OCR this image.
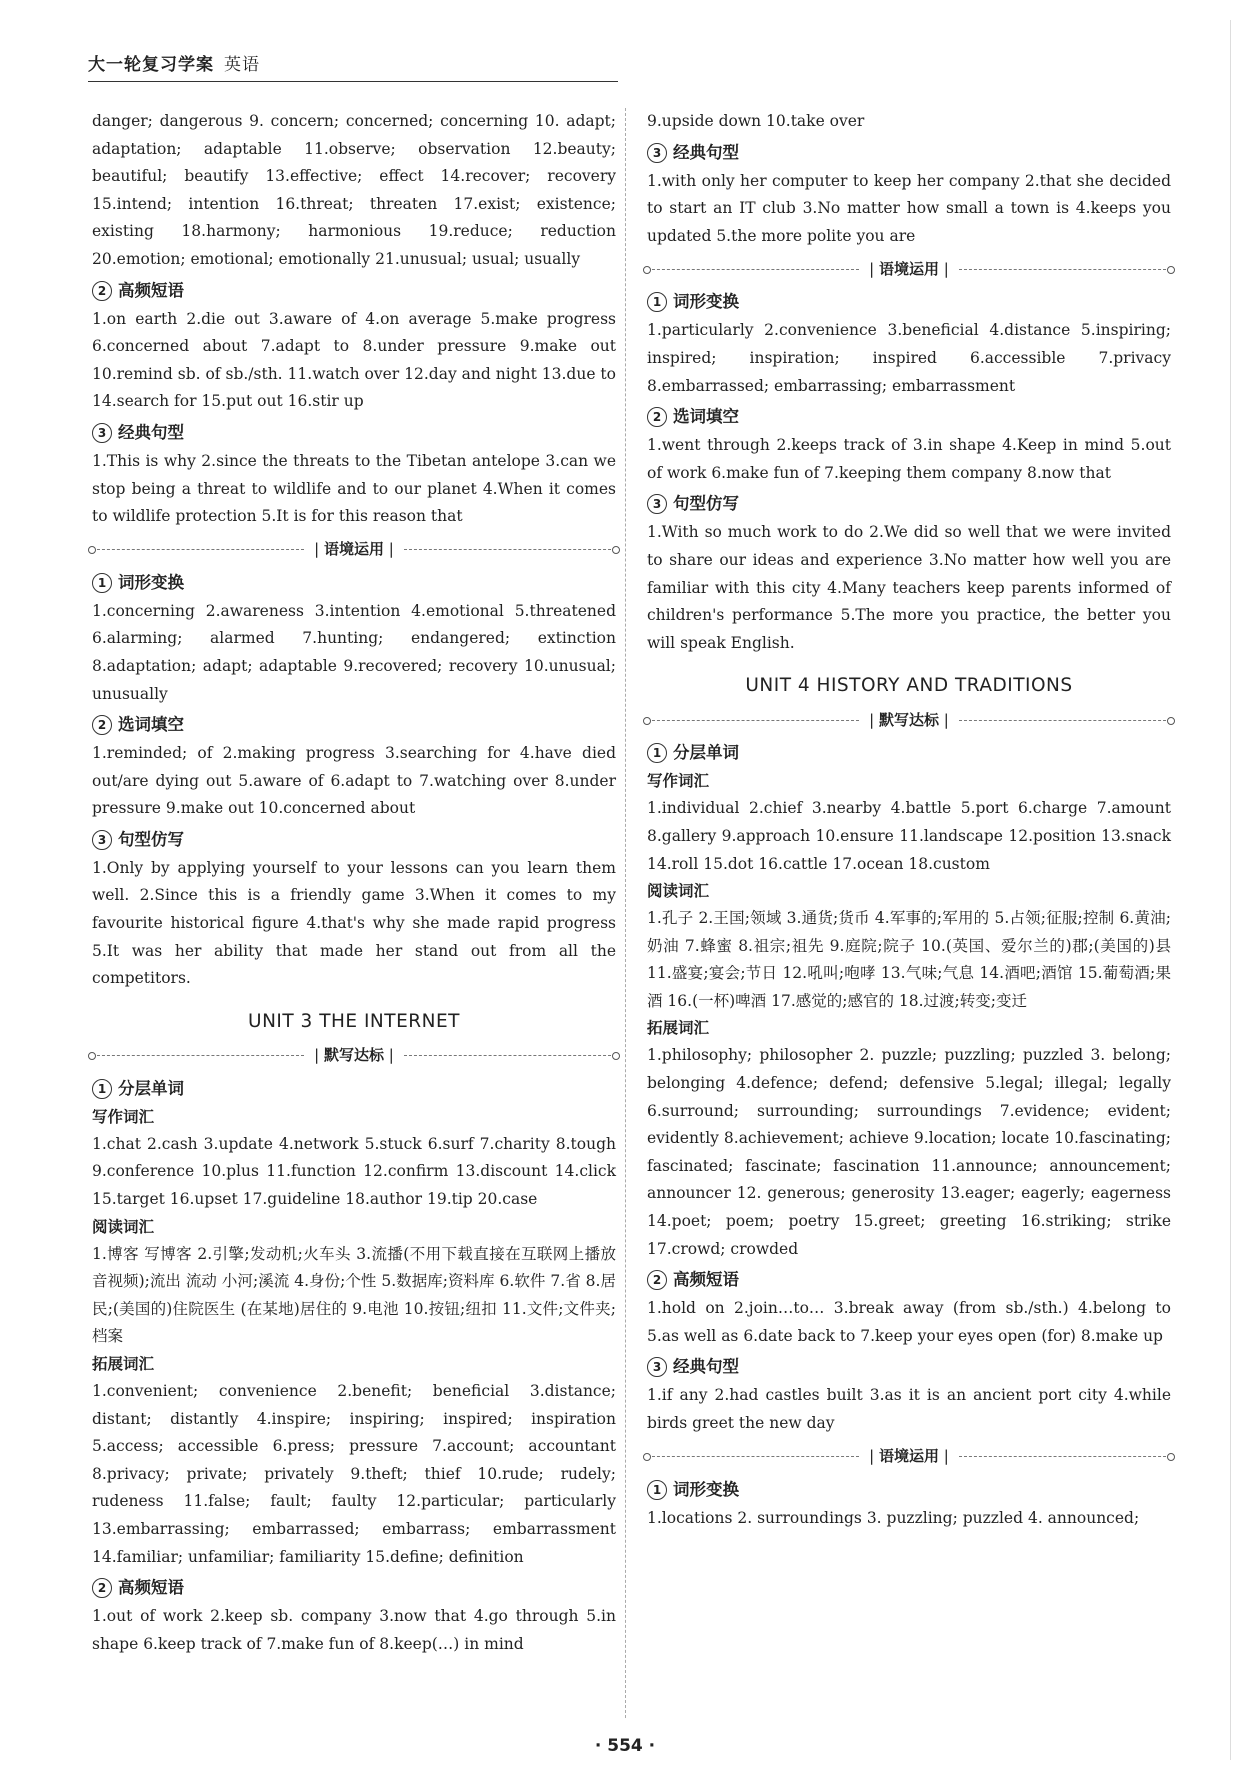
大一轮复习学案 英语

danger; dangerous 9. concern; concerned; concerning 10. adapt; adaptation; adaptable 11.observe; observation 12.beauty; beautiful; beautify 13.effective; effect 14.recover; recovery 15.intend; intention 16.threat; threaten 17.exist; existence; existing 18.harmony; harmonious 19.reduce; reduction 20.emotion; emotional; emotionally 21.unusual; usual; usually

2 高频短语

1.on earth 2.die out 3.aware of 4.on average 5.make progress 6.concerned about 7.adapt to 8.under pressure 9.make out 10.remind sb. of sb./sth. 11.watch over 12.day and night 13.due to 14.search for 15.put out 16.stir up

3 经典句型

1.This is why 2.since the threats to the Tibetan antelope 3.can we stop being a threat to wildlife and to our planet 4.When it comes to wildlife protection 5.It is for this reason that

| 语境运用 |
1 词形变换

1.concerning 2.awareness 3.intention 4.emotional 5.threatened 6.alarming; alarmed 7.hunting; endangered; extinction 8.adaptation; adapt; adaptable 9.recovered; recovery 10.unusual; unusually

2 选词填空

1.reminded; of 2.making progress 3.searching for 4.have died out/are dying out 5.aware of 6.adapt to 7.watching over 8.under pressure 9.make out 10.concerned about

3 句型仿写

1.Only by applying yourself to your lessons can you learn them well. 2.Since this is a friendly game 3.When it comes to my favourite historical figure 4.that's why she made rapid progress 5.It was her ability that made her stand out from all the competitors.

UNIT 3 THE INTERNET
| 默写达标 |
1 分层单词
写作词汇

1.chat 2.cash 3.update 4.network 5.stuck 6.surf 7.charity 8.tough 9.conference 10.plus 11.function 12.confirm 13.discount 14.click 15.target 16.upset 17.guideline 18.author 19.tip 20.case

阅读词汇

1.博客 写博客 2.引擎;发动机;火车头 3.流播(不用下载直接在互联网上播放音视频);流出 流动 小河;溪流 4.身份;个性 5.数据库;资料库 6.软件 7.省 8.居民;(美国的)住院医生 (在某地)居住的 9.电池 10.按钮;纽扣 11.文件;文件夹;档案

拓展词汇

1.convenient; convenience 2.benefit; beneficial 3.distance; distant; distantly 4.inspire; inspiring; inspired; inspiration 5.access; accessible 6.press; pressure 7.account; accountant 8.privacy; private; privately 9.theft; thief 10.rude; rudely; rudeness 11.false; fault; faulty 12.particular; particularly 13.embarrassing; embarrassed; embarrass; embarrassment 14.familiar; unfamiliar; familiarity 15.define; definition

2 高频短语

1.out of work 2.keep sb. company 3.now that 4.go through 5.in shape 6.keep track of 7.make fun of 8.keep(…) in mind

9.upside down 10.take over

3 经典句型

1.with only her computer to keep her company 2.that she decided to start an IT club 3.No matter how small a town is 4.keeps you updated 5.the more polite you are

| 语境运用 |
1 词形变换

1.particularly 2.convenience 3.beneficial 4.distance 5.inspiring; inspired; inspiration; inspired 6.accessible 7.privacy 8.embarrassed; embarrassing; embarrassment

2 选词填空

1.went through 2.keeps track of 3.in shape 4.Keep in mind 5.out of work 6.make fun of 7.keeping them company 8.now that

3 句型仿写

1.With so much work to do 2.We did so well that we were invited to share our ideas and experience 3.No matter how well you are familiar with this city 4.Many teachers keep parents informed of children's performance 5.The more you practice, the better you will speak English.

UNIT 4 HISTORY AND TRADITIONS
| 默写达标 |
1 分层单词
写作词汇

1.individual 2.chief 3.nearby 4.battle 5.port 6.charge 7.amount 8.gallery 9.approach 10.ensure 11.landscape 12.position 13.snack 14.roll 15.dot 16.cattle 17.ocean 18.custom

阅读词汇

1.孔子 2.王国;领域 3.通货;货币 4.军事的;军用的 5.占领;征服;控制 6.黄油;奶油 7.蜂蜜 8.祖宗;祖先 9.庭院;院子 10.(英国、爱尔兰的)郡;(美国的)县 11.盛宴;宴会;节日 12.吼叫;咆哮 13.气味;气息 14.酒吧;酒馆 15.葡萄酒;果酒 16.(一杯)啤酒 17.感觉的;感官的 18.过渡;转变;变迁

拓展词汇

1.philosophy; philosopher 2. puzzle; puzzling; puzzled 3. belong; belonging 4.defence; defend; defensive 5.legal; illegal; legally 6.surround; surrounding; surroundings 7.evidence; evident; evidently 8.achievement; achieve 9.location; locate 10.fascinating; fascinated; fascinate; fascination 11.announce; announcement; announcer 12. generous; generosity 13.eager; eagerly; eagerness 14.poet; poem; poetry 15.greet; greeting 16.striking; strike 17.crowd; crowded

2 高频短语

1.hold on 2.join…to… 3.break away (from sb./sth.) 4.belong to 5.as well as 6.date back to 7.keep your eyes open (for) 8.make up

3 经典句型

1.if any 2.had castles built 3.as it is an ancient port city 4.while birds greet the new day

| 语境运用 |
1 词形变换

1.locations 2. surroundings 3. puzzling; puzzled 4. announced;

· 554 ·
